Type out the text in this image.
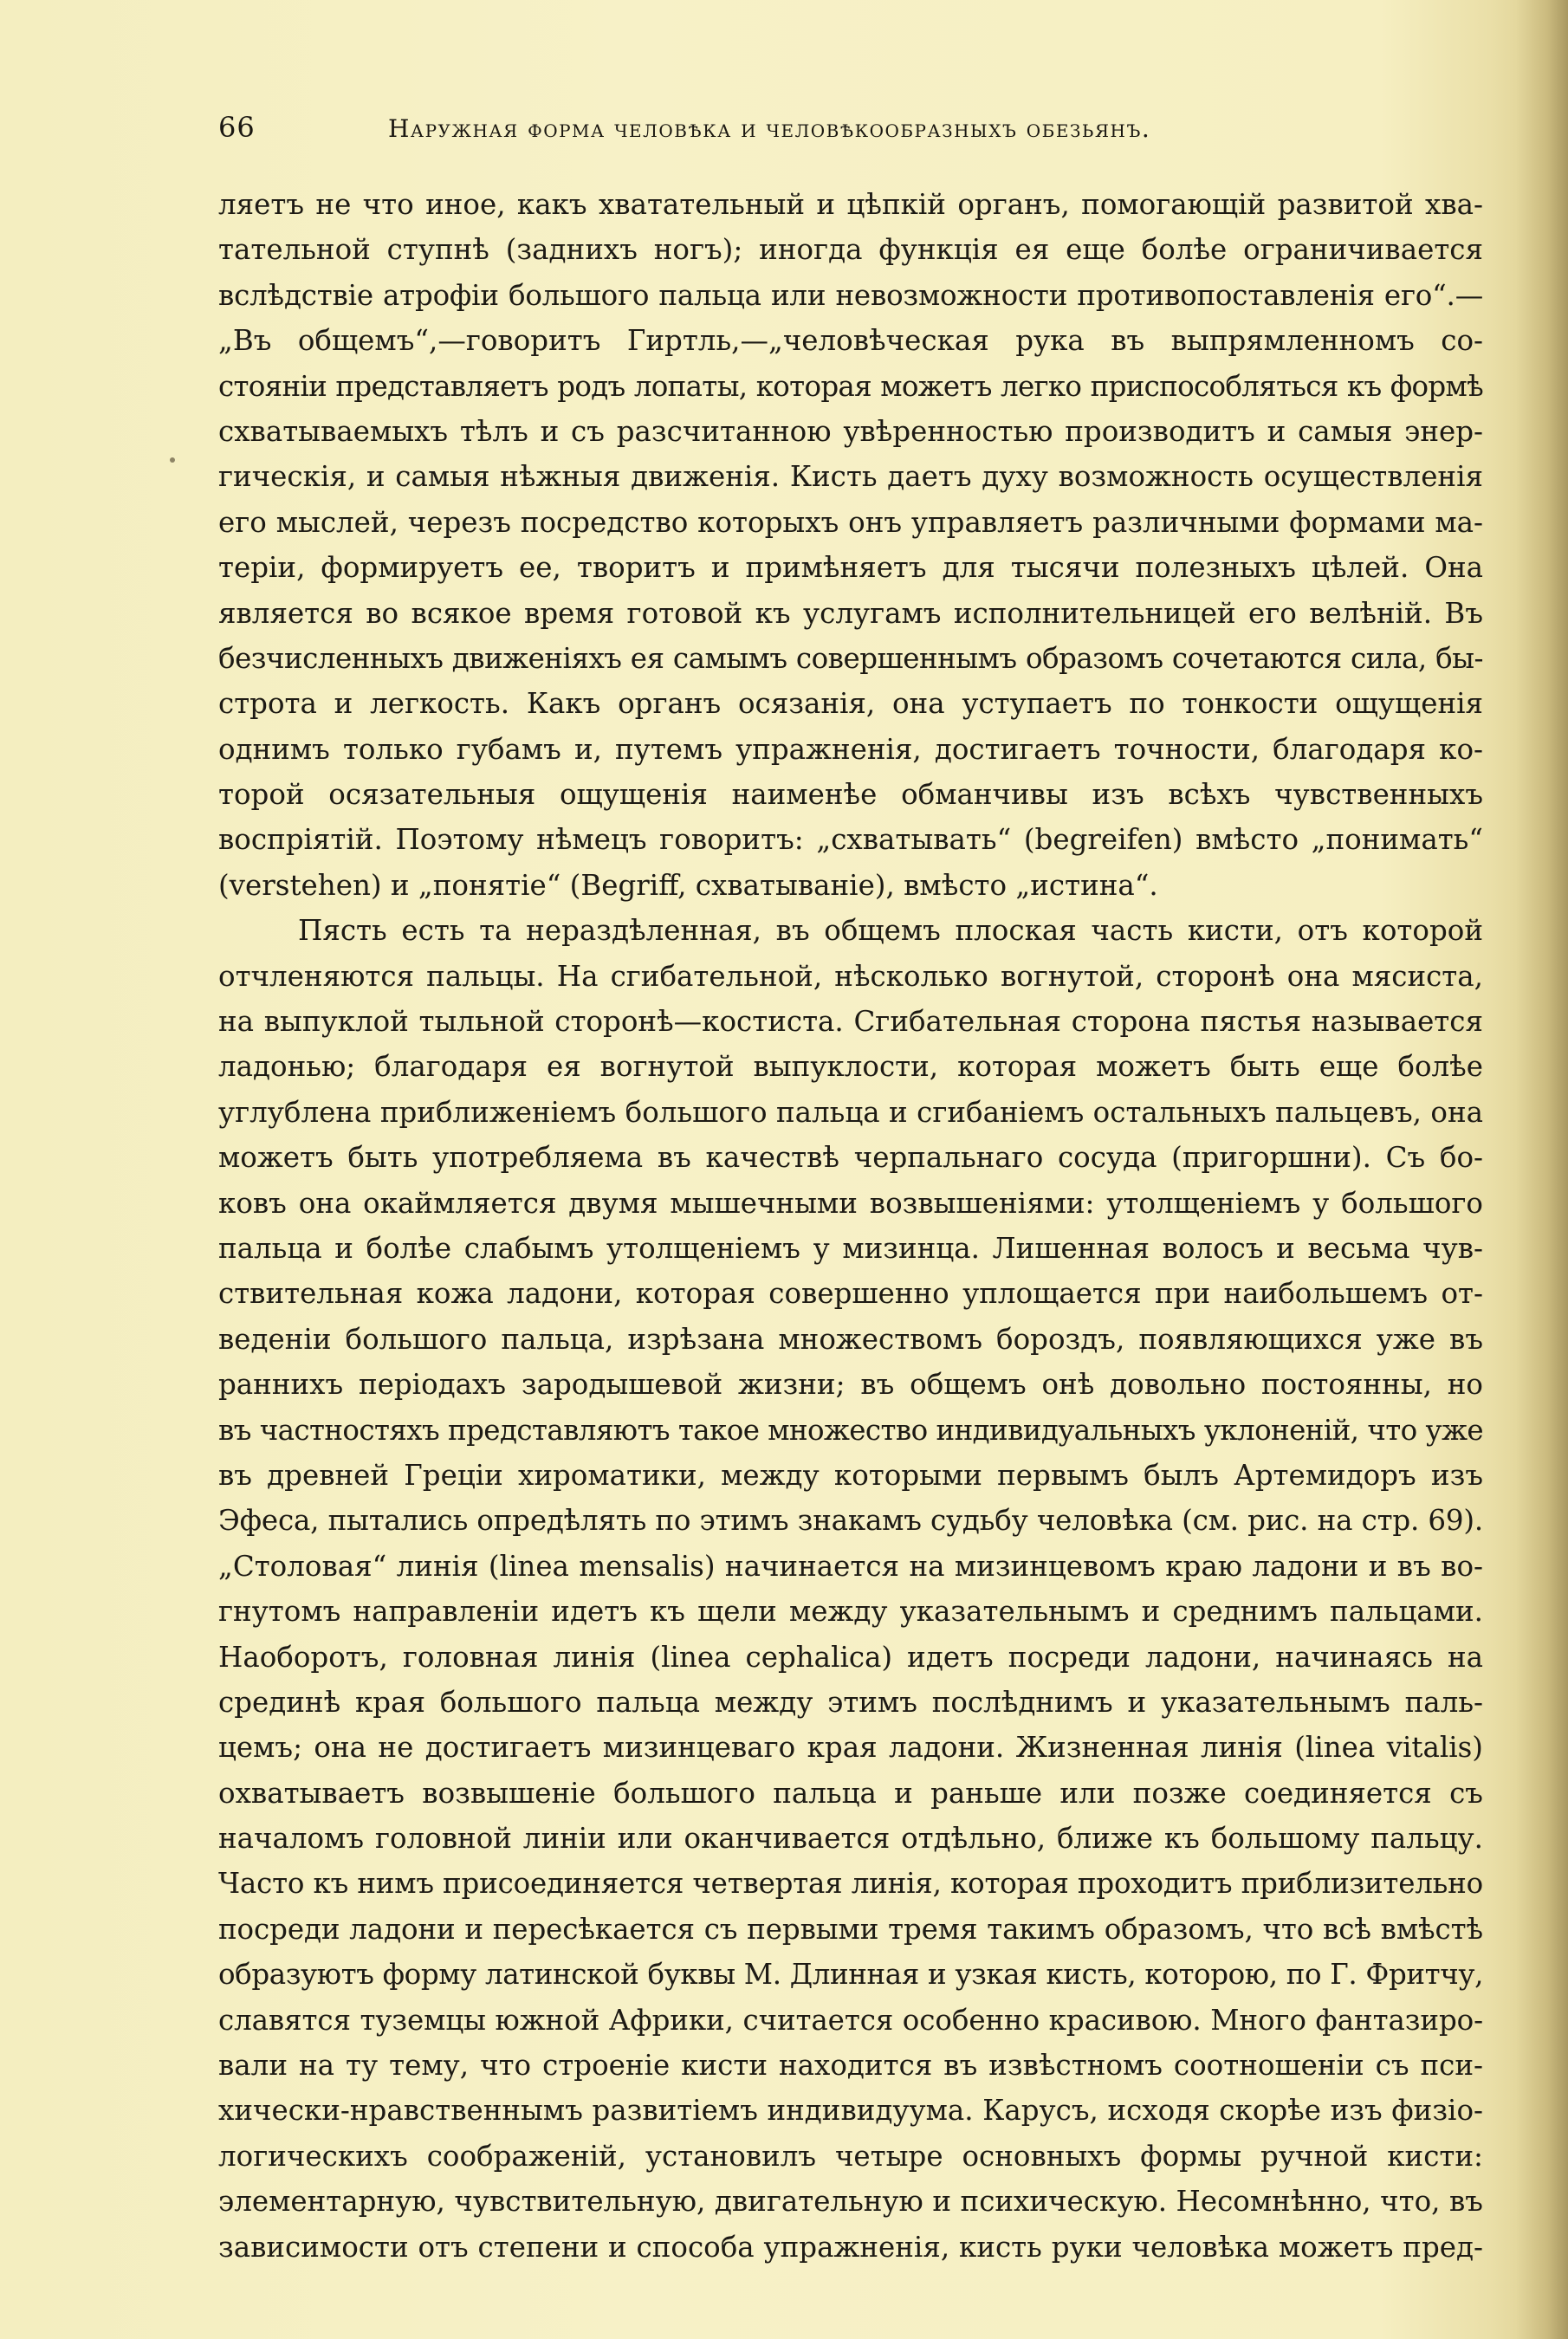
66	Наружная форма человѣка и человѣкообразныхъ обезьянъ.
ляетъ не что иное, какъ хватательный и цѣпкій органъ, помогающій развитой хва-
тательной ступнѣ (заднихъ ногъ); иногда функція ея еще болѣе ограничивается
вслѣдствіе атрофіи большого пальца или невозможности противопоставленія его“.—
„Въ общемъ“,—говоритъ Гиртль,—„человѣческая рука въ выпрямленномъ со-
стояніи представляетъ родъ лопаты, которая можетъ легко приспособляться къ формѣ
схватываемыхъ тѣлъ и съ разсчитанною увѣренностью производитъ и самыя энер-
гическія, и самыя нѣжныя движенія. Кисть даетъ духу возможность осуществленія
его мыслей, черезъ посредство которыхъ онъ управляетъ различными формами ма-
теріи, формируетъ ее, творитъ и примѣняетъ для тысячи полезныхъ цѣлей. Она
является во всякое время готовой къ услугамъ исполнительницей его велѣній. Въ
безчисленныхъ движеніяхъ ея самымъ совершеннымъ образомъ сочетаются сила, бы-
строта и легкость. Какъ органъ осязанія, она уступаетъ по тонкости ощущенія
однимъ только губамъ и, путемъ упражненія, достигаетъ точности, благодаря ко-
торой осязательныя ощущенія наименѣе обманчивы изъ всѣхъ чувственныхъ
воспріятій. Поэтому нѣмецъ говоритъ: „схватывать“ (begreifen) вмѣсто „понимать“
(verstehen) и „понятіе“ (Begriff, схватываніе), вмѣсто „истина“.
Пясть есть та нераздѣленная, въ общемъ плоская часть кисти, отъ которой
отчленяются пальцы. На сгибательной, нѣсколько вогнутой, сторонѣ она мясиста,
на выпуклой тыльной сторонѣ—костиста. Сгибательная сторона пястья называется
ладонью; благодаря ея вогнутой выпуклости, которая можетъ быть еще болѣе
углублена приближеніемъ большого пальца и сгибаніемъ остальныхъ пальцевъ, она
можетъ быть употребляема въ качествѣ черпальнаго сосуда (пригоршни). Съ бо-
ковъ она окаймляется двумя мышечными возвышеніями: утолщеніемъ у большого
пальца и болѣе слабымъ утолщеніемъ у мизинца. Лишенная волосъ и весьма чув-
ствительная кожа ладони, которая совершенно уплощается при наибольшемъ от-
веденіи большого пальца, изрѣзана множествомъ бороздъ, появляющихся уже въ
раннихъ періодахъ зародышевой жизни; въ общемъ онѣ довольно постоянны, но
въ частностяхъ представляютъ такое множество индивидуальныхъ уклоненій, что уже
въ древней Греціи хироматики, между которыми первымъ былъ Артемидоръ изъ
Эфеса, пытались опредѣлять по этимъ знакамъ судьбу человѣка (см. рис. на стр. 69).
„Столовая“ линія (linea mensalis) начинается на мизинцевомъ краю ладони и въ во-
гнутомъ направленіи идетъ къ щели между указательнымъ и среднимъ пальцами.
Наоборотъ, головная линія (linea cephalica) идетъ посреди ладони, начинаясь на
срединѣ края большого пальца между этимъ послѣднимъ и указательнымъ паль-
цемъ; она не достигаетъ мизинцеваго края ладони. Жизненная линія (linea vitalis)
охватываетъ возвышеніе большого пальца и раньше или позже соединяется съ
началомъ головной линіи или оканчивается отдѣльно, ближе къ большому пальцу.
Часто къ нимъ присоединяется четвертая линія, которая проходитъ приблизительно
посреди ладони и пересѣкается съ первыми тремя такимъ образомъ, что всѣ вмѣстѣ
образуютъ форму латинской буквы М. Длинная и узкая кисть, которою, по Г. Фритчу,
славятся туземцы южной Африки, считается особенно красивою. Много фантазиро-
вали на ту тему, что строеніе кисти находится въ извѣстномъ соотношеніи съ пси-
хически-нравственнымъ развитіемъ индивидуума. Карусъ, исходя скорѣе изъ физіо-
логическихъ соображеній, установилъ четыре основныхъ формы ручной кисти:
элементарную, чувствительную, двигательную и психическую. Несомнѣнно, что, въ
зависимости отъ степени и способа упражненія, кисть руки человѣка можетъ пред-
